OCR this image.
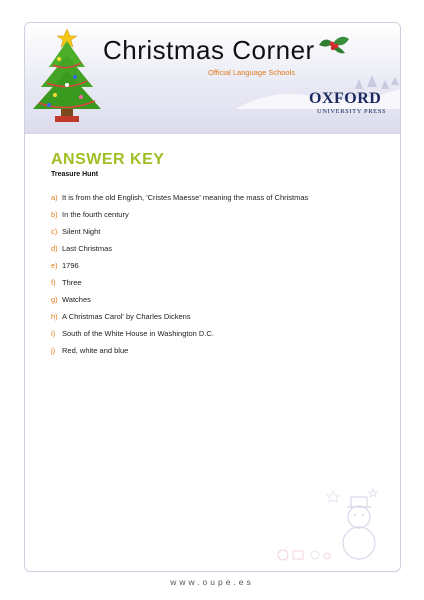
Christmas Corner
Official Language Schools
OXFORD
UNIVERSITY PRESS
ANSWER KEY
Treasure Hunt
a) It is from the old English, 'Cristes Maesse' meaning the mass of Christmas
b) In the fourth century
c) Silent Night
d) Last Christmas
e) 1796
f) Three
g) Watches
h) A Christmas Carol' by Charles Dickens
i) South of the White House in Washington D.C.
j) Red, white and blue
www.oupe.es
